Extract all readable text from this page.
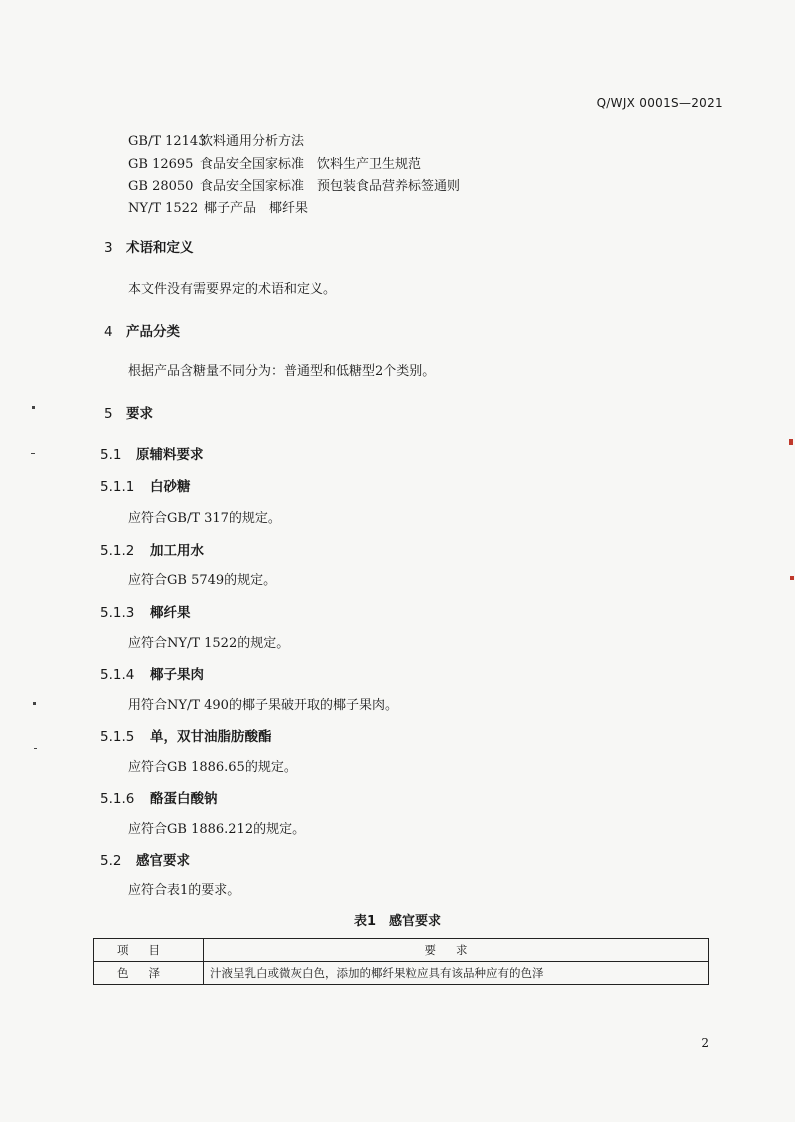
Q/WJX 0001S—2021
GB/T 12143饮料通用分析方法
GB 12695 食品安全国家标准　饮料生产卫生规范
GB 28050 食品安全国家标准　预包装食品营养标签通则
NY/T 1522 椰子产品　椰纤果
3 术语和定义
本文件没有需要界定的术语和定义。
4 产品分类
根据产品含糖量不同分为：普通型和低糖型2个类别。
5 要求
5.1 原辅料要求
5.1.1 白砂糖
应符合GB/T 317的规定。
5.1.2 加工用水
应符合GB 5749的规定。
5.1.3 椰纤果
应符合NY/T 1522的规定。
5.1.4 椰子果肉
用符合NY/T 490的椰子果破开取的椰子果肉。
5.1.5 单，双甘油脂肪酸酯
应符合GB 1886.65的规定。
5.1.6 酪蛋白酸钠
应符合GB 1886.212的规定。
5.2 感官要求
应符合表1的要求。
表1　感官要求
项目	要求
色泽	汁液呈乳白或微灰白色，添加的椰纤果粒应具有该品种应有的色泽
2
